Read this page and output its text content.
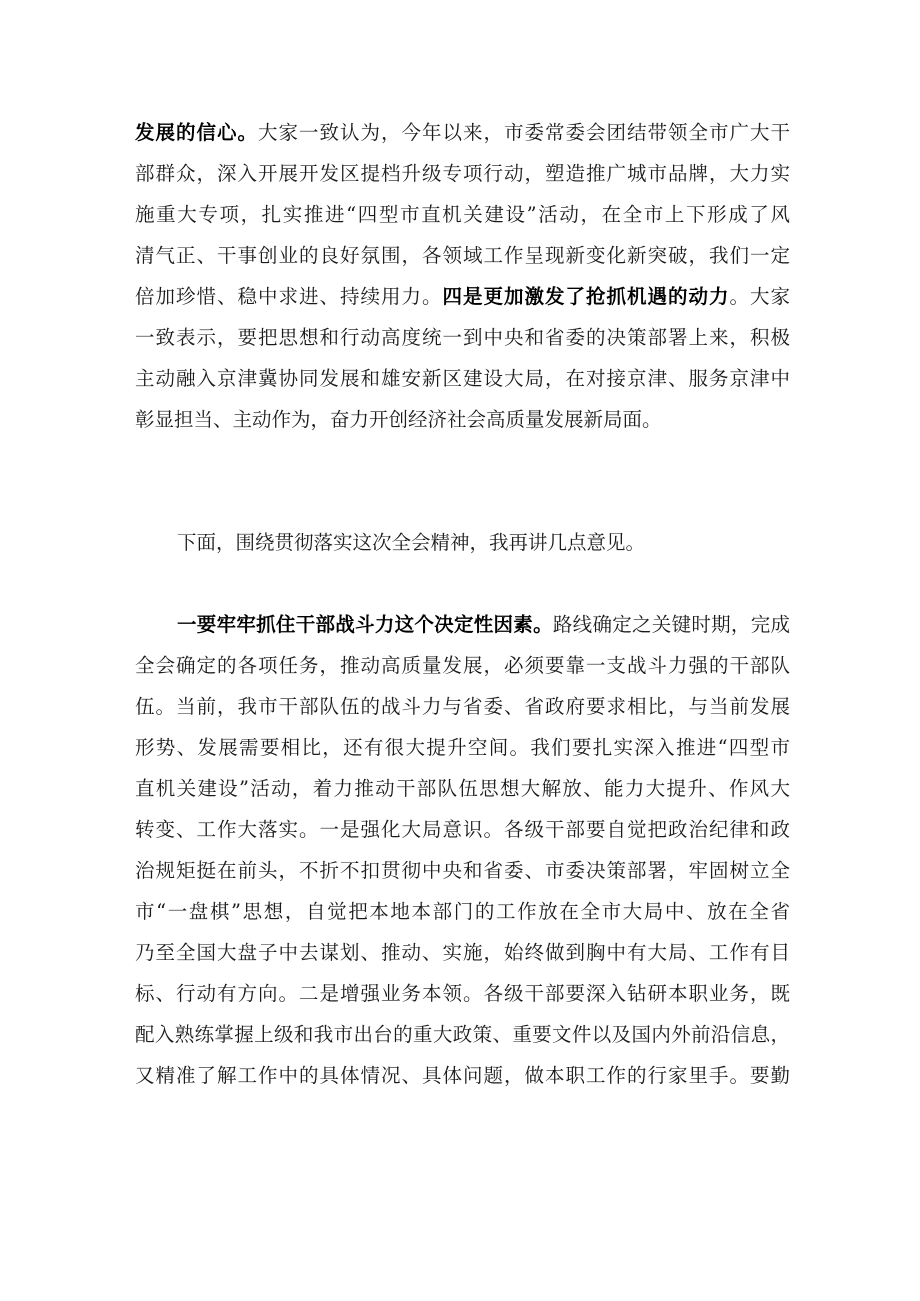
发展的信心。大家一致认为，今年以来，市委常委会团结带领全市广大干
部群众，深入开展开发区提档升级专项行动，塑造推广城市品牌，大力实
施重大专项，扎实推进“四型市直机关建设”活动，在全市上下形成了风
清气正、干事创业的良好氛围，各领域工作呈现新变化新突破，我们一定
倍加珍惜、稳中求进、持续用力。四是更加激发了抢抓机遇的动力。大家
一致表示，要把思想和行动高度统一到中央和省委的决策部署上来，积极
主动融入京津冀协同发展和雄安新区建设大局，在对接京津、服务京津中
彰显担当、主动作为，奋力开创经济社会高质量发展新局面。
下面，围绕贯彻落实这次全会精神，我再讲几点意见。
一要牢牢抓住干部战斗力这个决定性因素。路线确定之关键时期，完成
全会确定的各项任务，推动高质量发展，必须要靠一支战斗力强的干部队
伍。当前，我市干部队伍的战斗力与省委、省政府要求相比，与当前发展
形势、发展需要相比，还有很大提升空间。我们要扎实深入推进“四型市
直机关建设”活动，着力推动干部队伍思想大解放、能力大提升、作风大
转变、工作大落实。一是强化大局意识。各级干部要自觉把政治纪律和政
治规矩挺在前头，不折不扣贯彻中央和省委、市委决策部署，牢固树立全
市“一盘棋”思想，自觉把本地本部门的工作放在全市大局中、放在全省
乃至全国大盘子中去谋划、推动、实施，始终做到胸中有大局、工作有目
标、行动有方向。二是增强业务本领。各级干部要深入钻研本职业务，既
配入熟练掌握上级和我市出台的重大政策、重要文件以及国内外前沿信息，
又精准了解工作中的具体情况、具体问题，做本职工作的行家里手。要勤
